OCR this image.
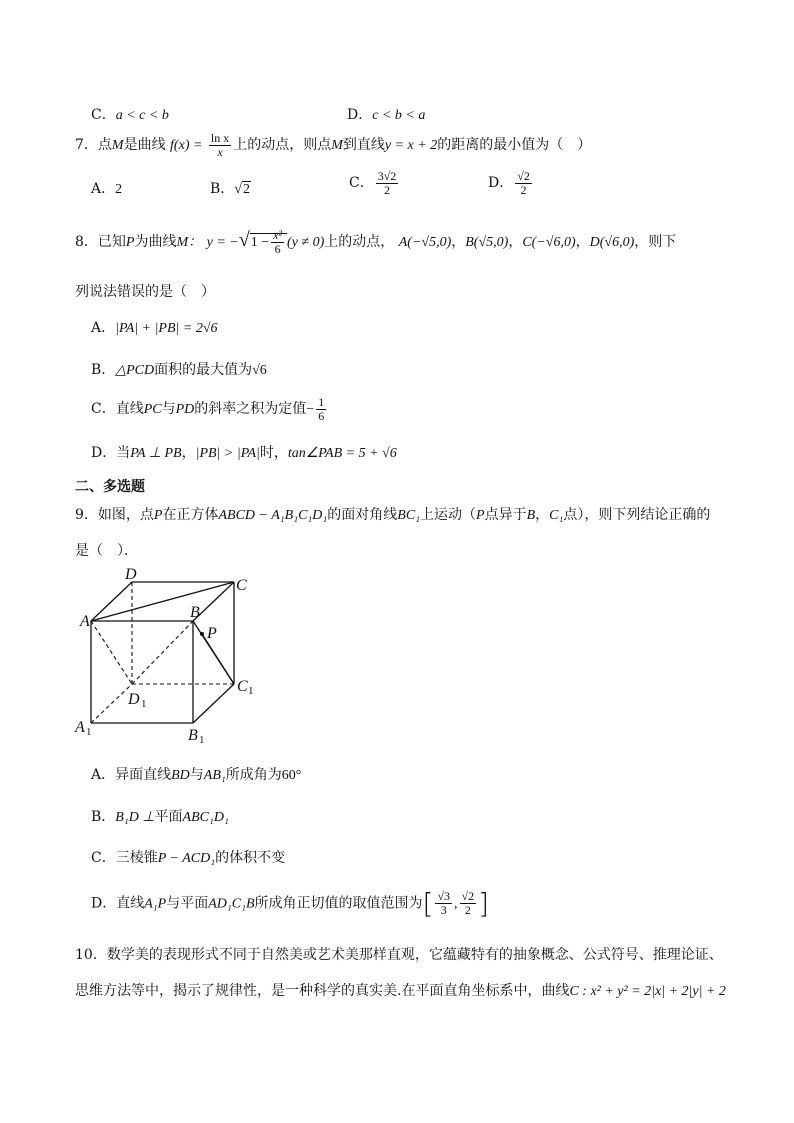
C．a < c < b	D．c < b < a
7．点M是曲线 $f(x) = \frac{\text{ln x}}{x}$ 上的动点，则点M到直线y = x + 2的距离的最小值为（　）
A．2	B．√2	C． $\frac{3√2}{2}$	D． $\frac{√2}{2}$
8．已知P为曲线M： $y = -√1 - \frac{\text{x²}}{6} (y \ne 0)$上的动点， A(−√5,0)，B(√5,0)，C(−√6,0)，D(√6,0)，则下
列说法错误的是（　）
A．|PA| + |PB| = 2√6
B．△PCD面积的最大值为√6
C．直线PC与PD的斜率之积为定值− $\frac{1}{6}$
D．当PA ⊥ PB，|PB| > |PA|时，tan∠PAB = 5 + √6
二、多选题
9．如图，点P在正方体ABCD − A₁B₁C₁D₁的面对角线BC₁上运动（P点异于B，C₁点），则下列结论正确的
是（　）．
D
C
A
B
P
D 1
C 1
A 1	B 1
A．异面直线BD与AB₁所成角为60°
B．B₁D ⊥平面ABC₁D₁
C．三棱锥P − ACD₁的体积不变
D．直线A₁P与平面AD₁C₁B所成角正切值的取值范围为[ $\frac{√3}{3}$ , $\frac{√2}{2}$ ]
10．数学美的表现形式不同于自然美或艺术美那样直观，它蕴藏特有的抽象概念、公式符号、推理论证、
思维方法等中，揭示了规律性，是一种科学的真实美.在平面直角坐标系中，曲线C : x² + y² = 2|x| + 2|y| + 2
